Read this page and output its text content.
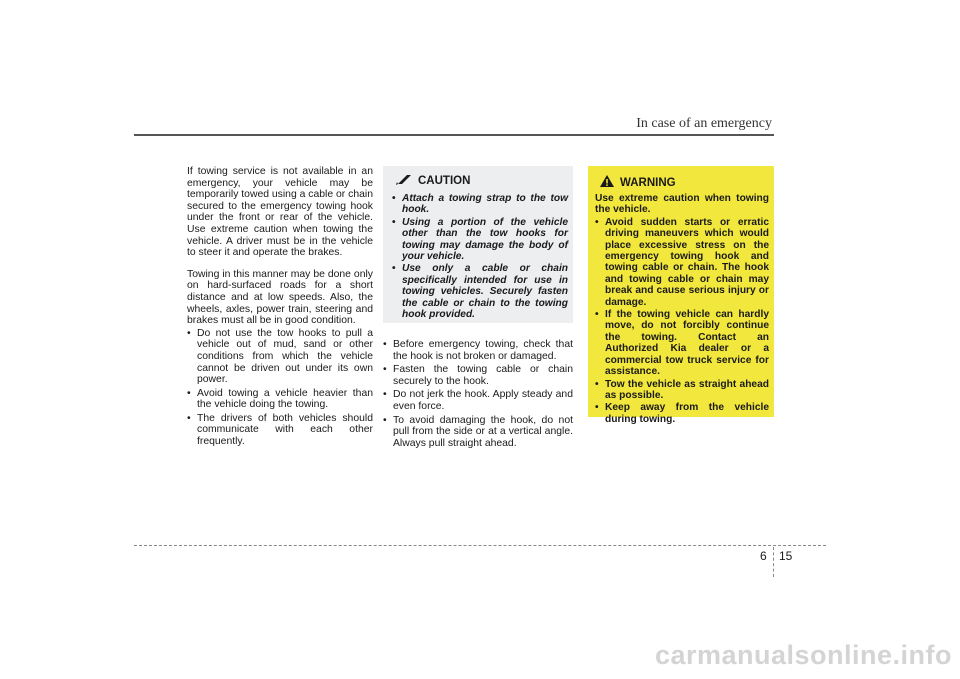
In case of an emergency

If towing service is not available in an emergency, your vehicle may be temporarily towed using a cable or chain secured to the emergency towing hook under the front or rear of the vehicle. Use extreme caution when towing the vehicle. A driver must be in the vehicle to steer it and operate the brakes.

Towing in this manner may be done only on hard-surfaced roads for a short distance and at low speeds. Also, the wheels, axles, power train, steering and brakes must all be in good condition.

• Do not use the tow hooks to pull a vehicle out of mud, sand or other conditions from which the vehicle cannot be driven out under its own power.
• Avoid towing a vehicle heavier than the vehicle doing the towing.
• The drivers of both vehicles should communicate with each other frequently.
CAUTION
• Attach a towing strap to the tow hook.
• Using a portion of the vehicle other than the tow hooks for towing may damage the body of your vehicle.
• Use only a cable or chain specifically intended for use in towing vehicles. Securely fasten the cable or chain to the towing hook provided.
• Before emergency towing, check that the hook is not broken or damaged.
• Fasten the towing cable or chain securely to the hook.
• Do not jerk the hook. Apply steady and even force.
• To avoid damaging the hook, do not pull from the side or at a vertical angle. Always pull straight ahead.
WARNING

Use extreme caution when towing the vehicle.

• Avoid sudden starts or erratic driving maneuvers which would place excessive stress on the emergency towing hook and towing cable or chain. The hook and towing cable or chain may break and cause serious injury or damage.
• If the towing vehicle can hardly move, do not forcibly continue the towing. Contact an Authorized Kia dealer or a commercial tow truck service for assistance.
• Tow the vehicle as straight ahead as possible.
• Keep away from the vehicle during towing.
6 15
carmanualsonline.info
